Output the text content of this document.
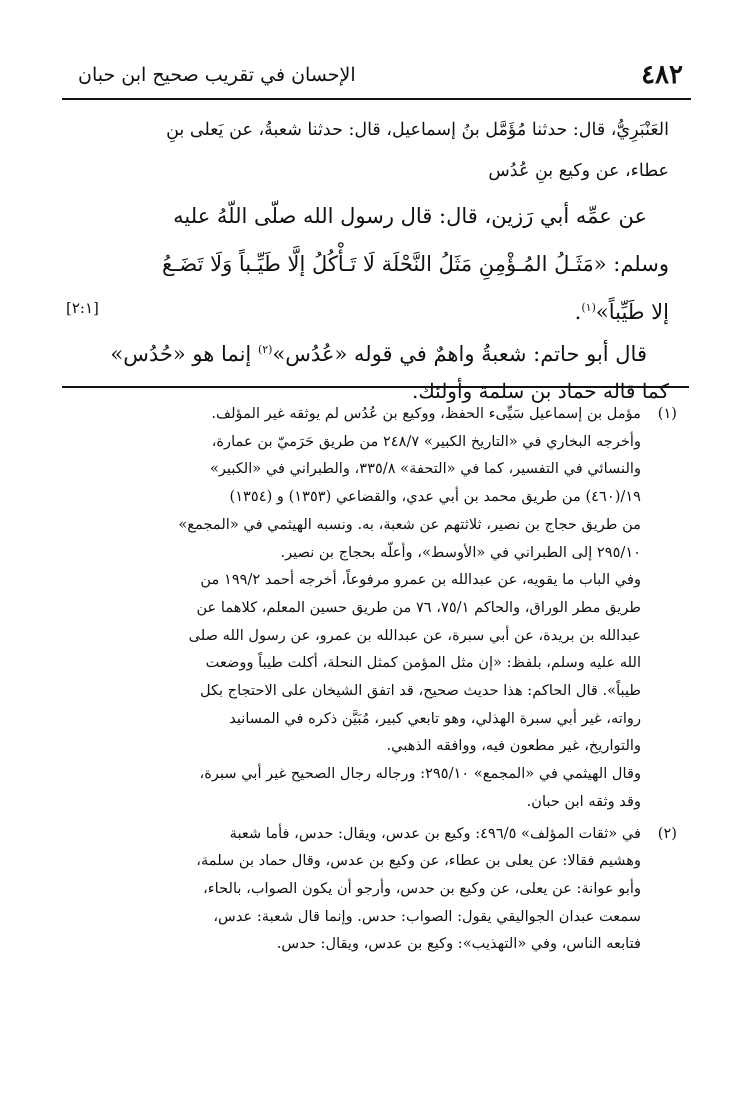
٤٨٢
الإحسان في تقريب صحيح ابن حبان
العَنْبَرِيُّ، قال: حدثنا مُؤَمَّل بنُ إسماعيل، قال: حدثنا شعبةُ، عن يَعلى بنِ
عطاء، عن وكيع بنِ عُدُس
عن عمِّه أبي رَزين، قال: قال رسول الله صلّى اللّهُ عليه
وسلم: «مَثَـلُ المُـؤْمِنِ مَثَلُ النَّحْلَة لَا تَـأْكُلُ إلَّا طَيِّـباً وَلَا تَضَـعُ
إلا طَيِّباً»$^{(١)}$.
[٢:١]
قال أبو حاتم: شعبةُ واهمٌ في قوله «عُدُس»$^{(٢)}$ إنما هو «حُدُس»
كما قاله حماد بن سلمة وأولئك.
(١)
مؤمل بن إسماعيل سَيِّىء الحفظ، ووكيع بن عُدُس لم يوثقه غير المؤلف.
وأخرجه البخاري في «التاريخ الكبير» ٢٤٨/٧ من طريق حَرَميّ بن عمارة،
والنسائي في التفسير، كما في «التحفة» ٣٣٥/٨، والطبراني في «الكبير»
١٩/(٤٦٠) من طريق محمد بن أبي عدي، والقضاعي (١٣٥٣) و (١٣٥٤)
من طريق حجاج بن نصير، ثلاثتهم عن شعبة، به. ونسبه الهيثمي في «المجمع»
٢٩٥/١٠ إلى الطبراني في «الأوسط»، وأعلّه بحجاج بن نصير.
وفي الباب ما يقويه، عن عبدالله بن عمرو مرفوعاً، أخرجه أحمد ١٩٩/٢ من
طريق مطر الوراق، والحاكم ٧٥/١، ٧٦ من طريق حسين المعلم، كلاهما عن
عبدالله بن بريدة، عن أبي سبرة، عن عبدالله بن عمرو، عن رسول الله صلى
الله عليه وسلم، بلفظ: «إن مثل المؤمن كمثل النحلة، أكلت طيباً ووضعت
طيباً». قال الحاكم: هذا حديث صحيح، قد اتفق الشيخان على الاحتجاج بكل
رواته، غير أبي سبرة الهذلي، وهو تابعي كبير، مُبَيَّن ذكره في المسانيد
والتواريخ، غير مطعون فيه، ووافقه الذهبي.
وقال الهيثمي في «المجمع» ٢٩٥/١٠: ورجاله رجال الصحيح غير أبي سبرة،
وقد وثقه ابن حبان.
(٢)
في «ثقات المؤلف» ٤٩٦/٥: وكيع بن عدس، ويقال: حدس، فأما شعبة
وهشيم فقالا: عن يعلى بن عطاء، عن وكيع بن عدس، وقال حماد بن سلمة،
وأبو عوانة: عن يعلى، عن وكيع بن حدس، وأرجو أن يكون الصواب، بالحاء،
سمعت عبدان الجواليقي يقول: الصواب: حدس. وإنما قال شعبة: عدس،
فتابعه الناس، وفي «التهذيب»: وكيع بن عدس، ويقال: حدس.
